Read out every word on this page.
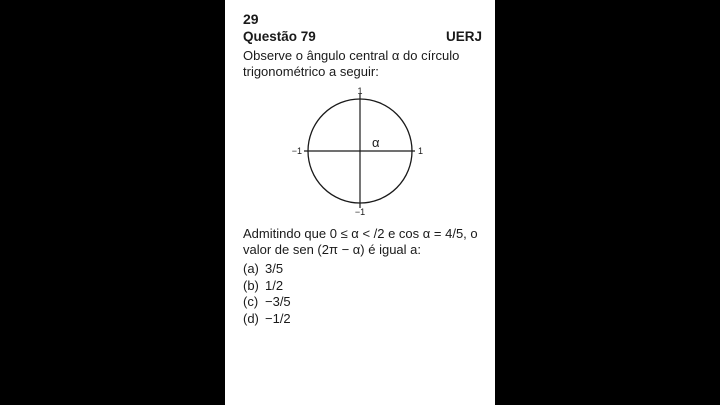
29
Questão 79	UERJ
Observe o ângulo central α do círculo trigonométrico a seguir:
1
−1
−1	1
α
Admitindo que 0 ≤ α < /2 e cos α = 4/5, o valor de sen (2π − α) é igual a:
(a) 3/5
(b) 1/2
(c) −3/5
(d) −1/2
